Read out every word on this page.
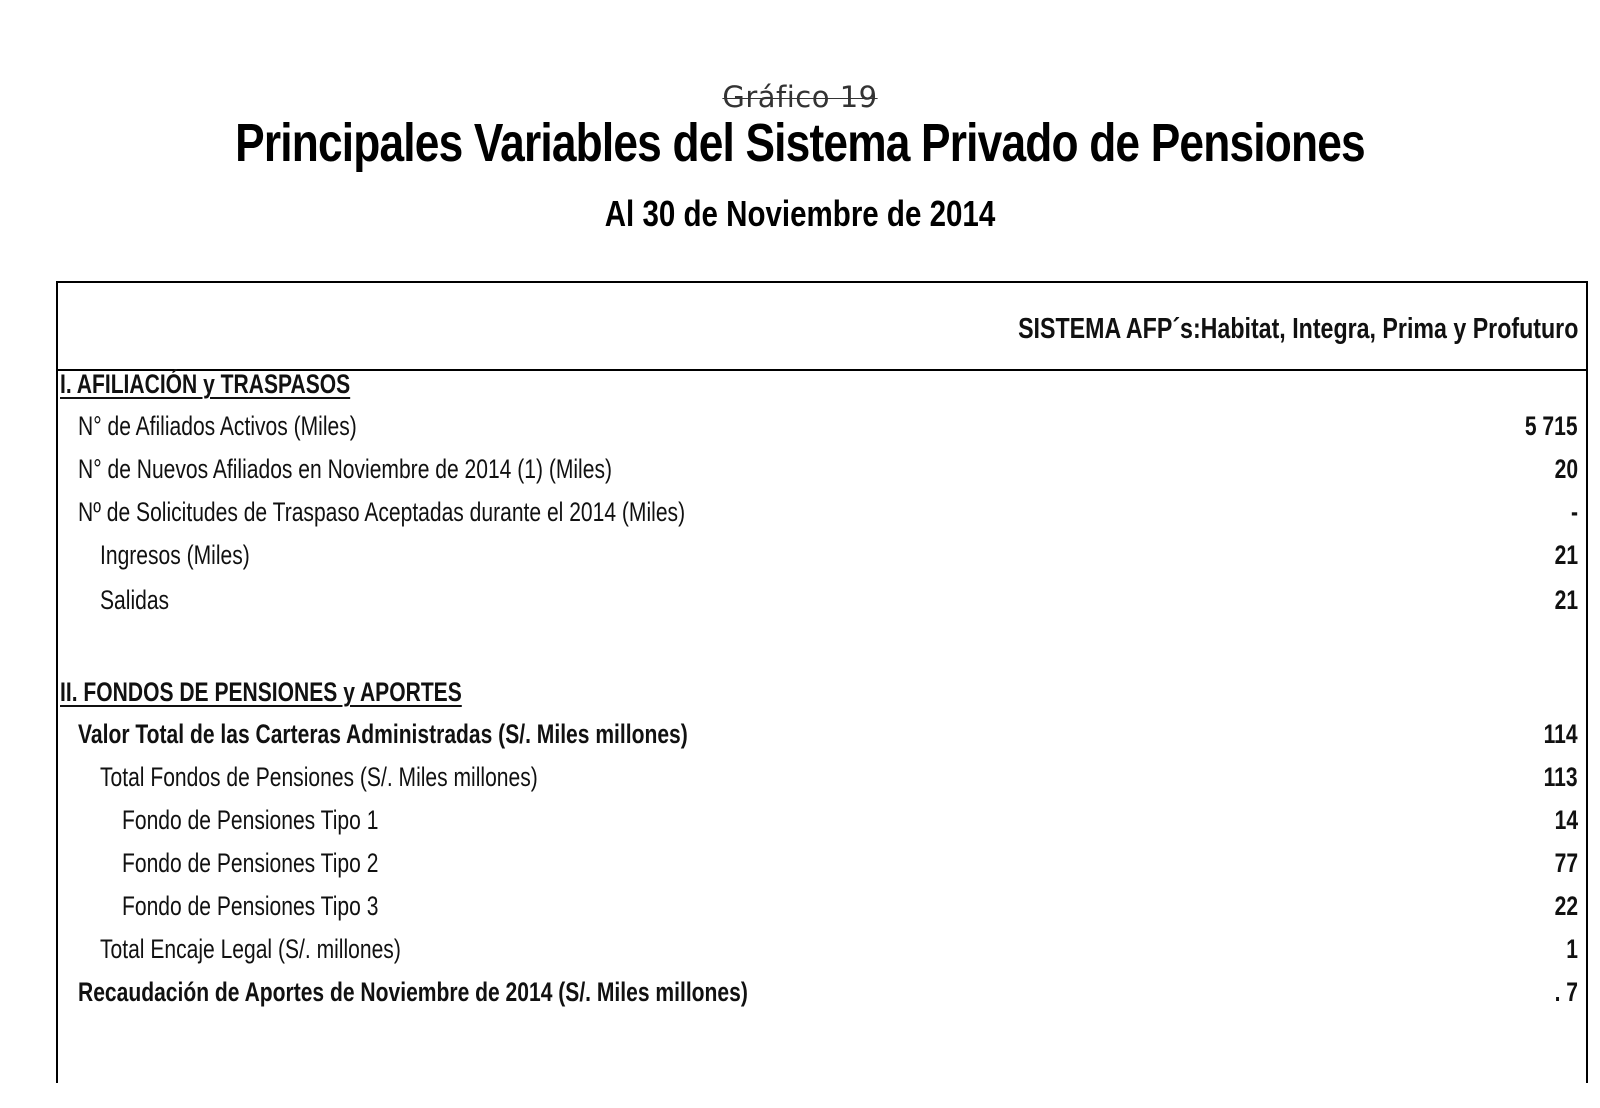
Gráfico 19
Principales Variables del Sistema Privado de Pensiones
Al 30 de Noviembre de 2014
SISTEMA AFP´s:Habitat, Integra, Prima y Profuturo
I. AFILIACIÓN y TRASPASOS
N° de Afiliados Activos (Miles)	5 715
N° de Nuevos Afiliados en Noviembre de 2014 (1) (Miles)	20
Nº de Solicitudes de Traspaso Aceptadas durante el 2014 (Miles)	-
Ingresos (Miles)	21
Salidas	21
II. FONDOS DE PENSIONES y APORTES
Valor Total de las Carteras Administradas (S/. Miles millones)	114
Total Fondos de Pensiones (S/. Miles millones)	113
Fondo de Pensiones Tipo 1	14
Fondo de Pensiones Tipo 2	77
Fondo de Pensiones Tipo 3	22
Total Encaje Legal (S/. millones)	1
Recaudación de Aportes de Noviembre de 2014 (S/. Miles millones)	. 7
